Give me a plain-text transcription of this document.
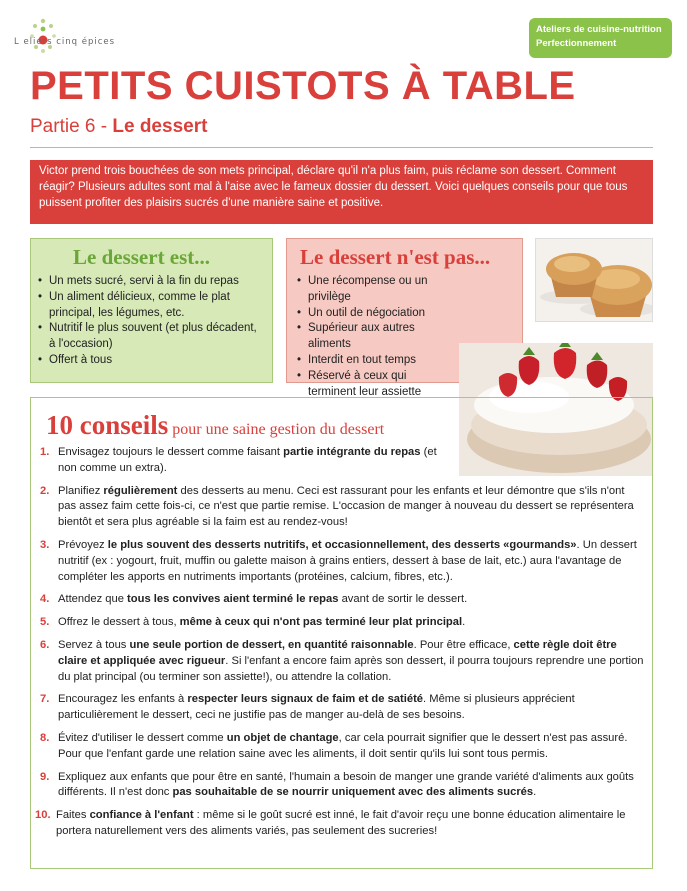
L eliers cinq épices
Ateliers de cuisine-nutrition
Perfectionnement
PETITS CUISTOTS À TABLE
Partie 6 - Le dessert
Victor prend trois bouchées de son mets principal, déclare qu'il n'a plus faim, puis réclame son dessert. Comment réagir? Plusieurs adultes sont mal à l'aise avec le fameux dossier du dessert. Voici quelques conseils pour que tous puissent profiter des plaisirs sucrés d'une manière saine et positive.
Le dessert est...
• Un mets sucré, servi à la fin du repas
• Un aliment délicieux, comme le plat principal, les légumes, etc.
• Nutritif le plus souvent (et plus décadent, à l'occasion)
• Offert à tous
Le dessert n'est pas...
• Une récompense ou un privilège
• Un outil de négociation
• Supérieur aux autres aliments
• Interdit en tout temps
• Réservé à ceux qui terminent leur assiette
10 conseils pour une saine gestion du dessert
1. Envisagez toujours le dessert comme faisant partie intégrante du repas (et non comme un extra).
2. Planifiez régulièrement des desserts au menu. Ceci est rassurant pour les enfants et leur démontre que s'ils n'ont pas assez faim cette fois-ci, ce n'est que partie remise. L'occasion de manger à nouveau du dessert se représentera bientôt et sera plus agréable si la faim est au rendez-vous!
3. Prévoyez le plus souvent des desserts nutritifs, et occasionnellement, des desserts «gourmands». Un dessert nutritif (ex : yogourt, fruit, muffin ou galette maison à grains entiers, dessert à base de lait, etc.) aura l'avantage de compléter les apports en nutriments importants (protéines, calcium, fibres, etc.).
4. Attendez que tous les convives aient terminé le repas avant de sortir le dessert.
5. Offrez le dessert à tous, même à ceux qui n'ont pas terminé leur plat principal.
6. Servez à tous une seule portion de dessert, en quantité raisonnable. Pour être efficace, cette règle doit être claire et appliquée avec rigueur. Si l'enfant a encore faim après son dessert, il pourra toujours reprendre une portion du plat principal (ou terminer son assiette!), ou attendre la collation.
7. Encouragez les enfants à respecter leurs signaux de faim et de satiété. Même si plusieurs apprécient particulièrement le dessert, ceci ne justifie pas de manger au-delà de ses besoins.
8. Évitez d'utiliser le dessert comme un objet de chantage, car cela pourrait signifier que le dessert n'est pas assuré. Pour que l'enfant garde une relation saine avec les aliments, il doit sentir qu'ils lui sont tous permis.
9. Expliquez aux enfants que pour être en santé, l'humain a besoin de manger une grande variété d'aliments aux goûts différents. Il n'est donc pas souhaitable de se nourrir uniquement avec des aliments sucrés.
10. Faites confiance à l'enfant : même si le goût sucré est inné, le fait d'avoir reçu une bonne éducation alimentaire le portera naturellement vers des aliments variés, pas seulement des sucreries!
